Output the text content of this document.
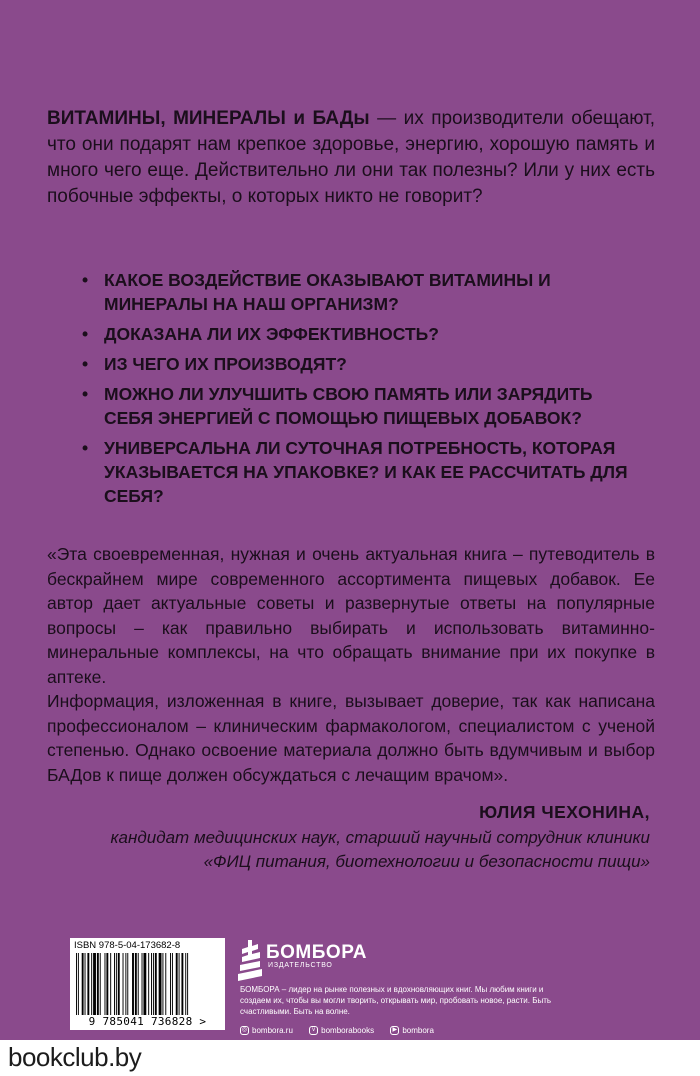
ВИТАМИНЫ, МИНЕРАЛЫ и БАДы — их производители обещают, что они подарят нам крепкое здоровье, энергию, хорошую память и много чего еще. Действительно ли они так полезны? Или у них есть побочные эффекты, о которых никто не говорит?

• КАКОЕ ВОЗДЕЙСТВИЕ ОКАЗЫВАЮТ ВИТАМИНЫ И МИНЕРАЛЫ НА НАШ ОРГАНИЗМ?
• ДОКАЗАНА ЛИ ИХ ЭФФЕКТИВНОСТЬ?
• ИЗ ЧЕГО ИХ ПРОИЗВОДЯТ?
• МОЖНО ЛИ УЛУЧШИТЬ СВОЮ ПАМЯТЬ ИЛИ ЗАРЯДИТЬ СЕБЯ ЭНЕРГИЕЙ С ПОМОЩЬЮ ПИЩЕВЫХ ДОБАВОК?
• УНИВЕРСАЛЬНА ЛИ СУТОЧНАЯ ПОТРЕБНОСТЬ, КОТОРАЯ УКАЗЫВАЕТСЯ НА УПАКОВКЕ? И КАК ЕЕ РАССЧИТАТЬ ДЛЯ СЕБЯ?

«Эта своевременная, нужная и очень актуальная книга – путеводитель в бескрайнем мире современного ассортимента пищевых добавок. Ее автор дает актуальные советы и развернутые ответы на популярные вопросы – как правильно выбирать и использовать витаминно-минеральные комплексы, на что обращать внимание при их покупке в аптеке.

Информация, изложенная в книге, вызывает доверие, так как написана профессионалом – клиническим фармакологом, специалистом с ученой степенью. Однако освоение материала должно быть вдумчивым и выбор БАДов к пище должен обсуждаться с лечащим врачом».

ЮЛИЯ ЧЕХОНИНА,
кандидат медицинских наук, старший научный сотрудник клиники
«ФИЦ питания, биотехнологии и безопасности пищи»
ISBN 978-5-04-173682-8
9 785041 736828 >
БОМБОРА
ИЗДАТЕЛЬСТВО
БОМБОРА – лидер на рынке полезных и вдохновляющих книг. Мы любим книги и создаем их, чтобы вы могли творить, открывать мир, пробовать новое, расти. Быть счастливыми. Быть на волне.
◎ bombora.ru
	v bomborabooks
	▶ bombora
bookclub.by
